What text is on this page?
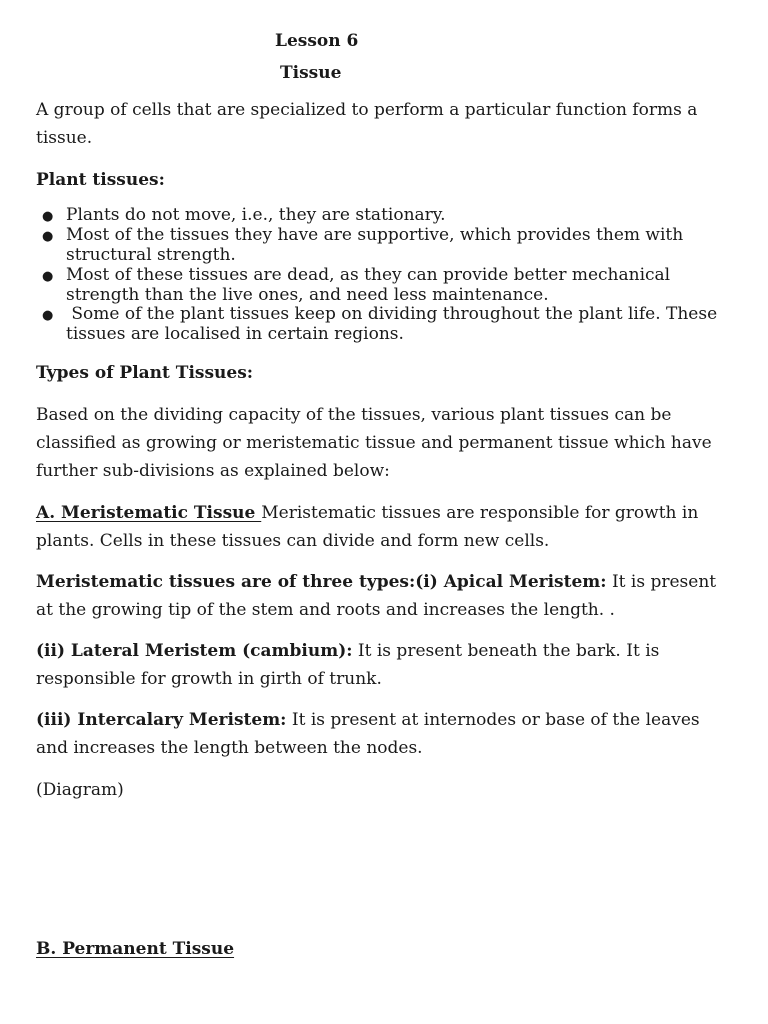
Lesson 6
Tissue
A group of cells that are specialized to perform a particular function forms a tissue.
Plant tissues:
● Plants do not move, i.e., they are stationary.
● Most of the tissues they have are supportive, which provides them with structural strength.
● Most of these tissues are dead, as they can provide better mechanical strength than the live ones, and need less maintenance.
● Some of the plant tissues keep on dividing throughout the plant life. These tissues are localised in certain regions.
Types of Plant Tissues:
Based on the dividing capacity of the tissues, various plant tissues can be classified as growing or meristematic tissue and permanent tissue which have further sub-divisions as explained below:
A. Meristematic Tissue Meristematic tissues are responsible for growth in plants. Cells in these tissues can divide and form new cells.
Meristematic tissues are of three types:(i) Apical Meristem: It is present at the growing tip of the stem and roots and increases the length. .
(ii) Lateral Meristem (cambium): It is present beneath the bark. It is responsible for growth in girth of trunk.
(iii) Intercalary Meristem: It is present at internodes or base of the leaves and increases the length between the nodes.
(Diagram)
B. Permanent Tissue
